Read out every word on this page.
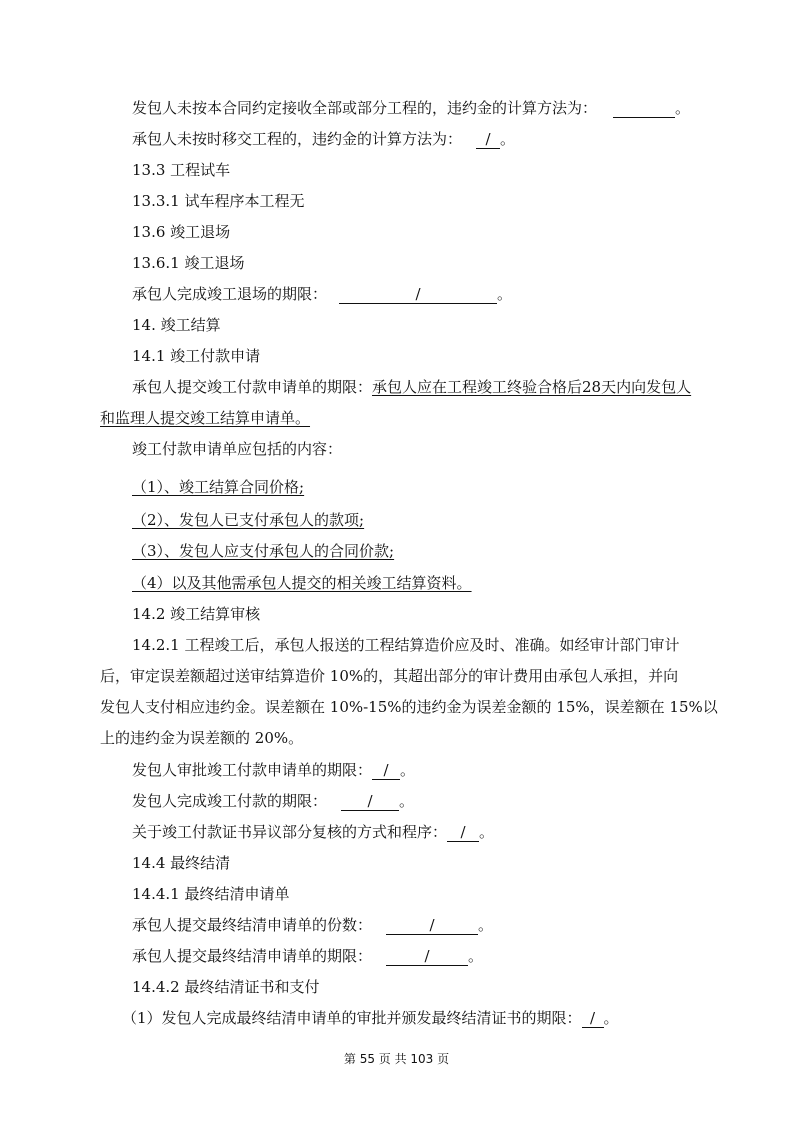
发包人未按本合同约定接收全部或部分工程的，违约金的计算方法为：	。
承包人未按时移交工程的，违约金的计算方法为： / 。
13.3 工程试车
13.3.1 试车程序本工程无
13.6 竣工退场
13.6.1 竣工退场
承包人完成竣工退场的期限：	/	。
14. 竣工结算
14.1 竣工付款申请
承包人提交竣工付款申请单的期限：承包人应在工程竣工终验合格后28天内向发包人
和监理人提交竣工结算申请单。
竣工付款申请单应包括的内容：
（1）、竣工结算合同价格;
（2）、发包人已支付承包人的款项;
（3）、发包人应支付承包人的合同价款;
（4）以及其他需承包人提交的相关竣工结算资料。
14.2 竣工结算审核
14.2.1 工程竣工后，承包人报送的工程结算造价应及时、准确。如经审计部门审计
后，审定误差额超过送审结算造价 10%的，其超出部分的审计费用由承包人承担，并向
发包人支付相应违约金。误差额在 10%-15%的违约金为误差金额的 15%，误差额在 15%以
上的违约金为误差额的 20%。
发包人审批竣工付款申请单的期限： / 。
发包人完成竣工付款的期限：	/ 。
关于竣工付款证书异议部分复核的方式和程序： / 。
14.4 最终结清
14.4.1 最终结清申请单
承包人提交最终结清申请单的份数：	/	。
承包人提交最终结清申请单的期限：	/	。
14.4.2 最终结清证书和支付
（1）发包人完成最终结清申请单的审批并颁发最终结清证书的期限： / 。
第 55 页 共 103 页
